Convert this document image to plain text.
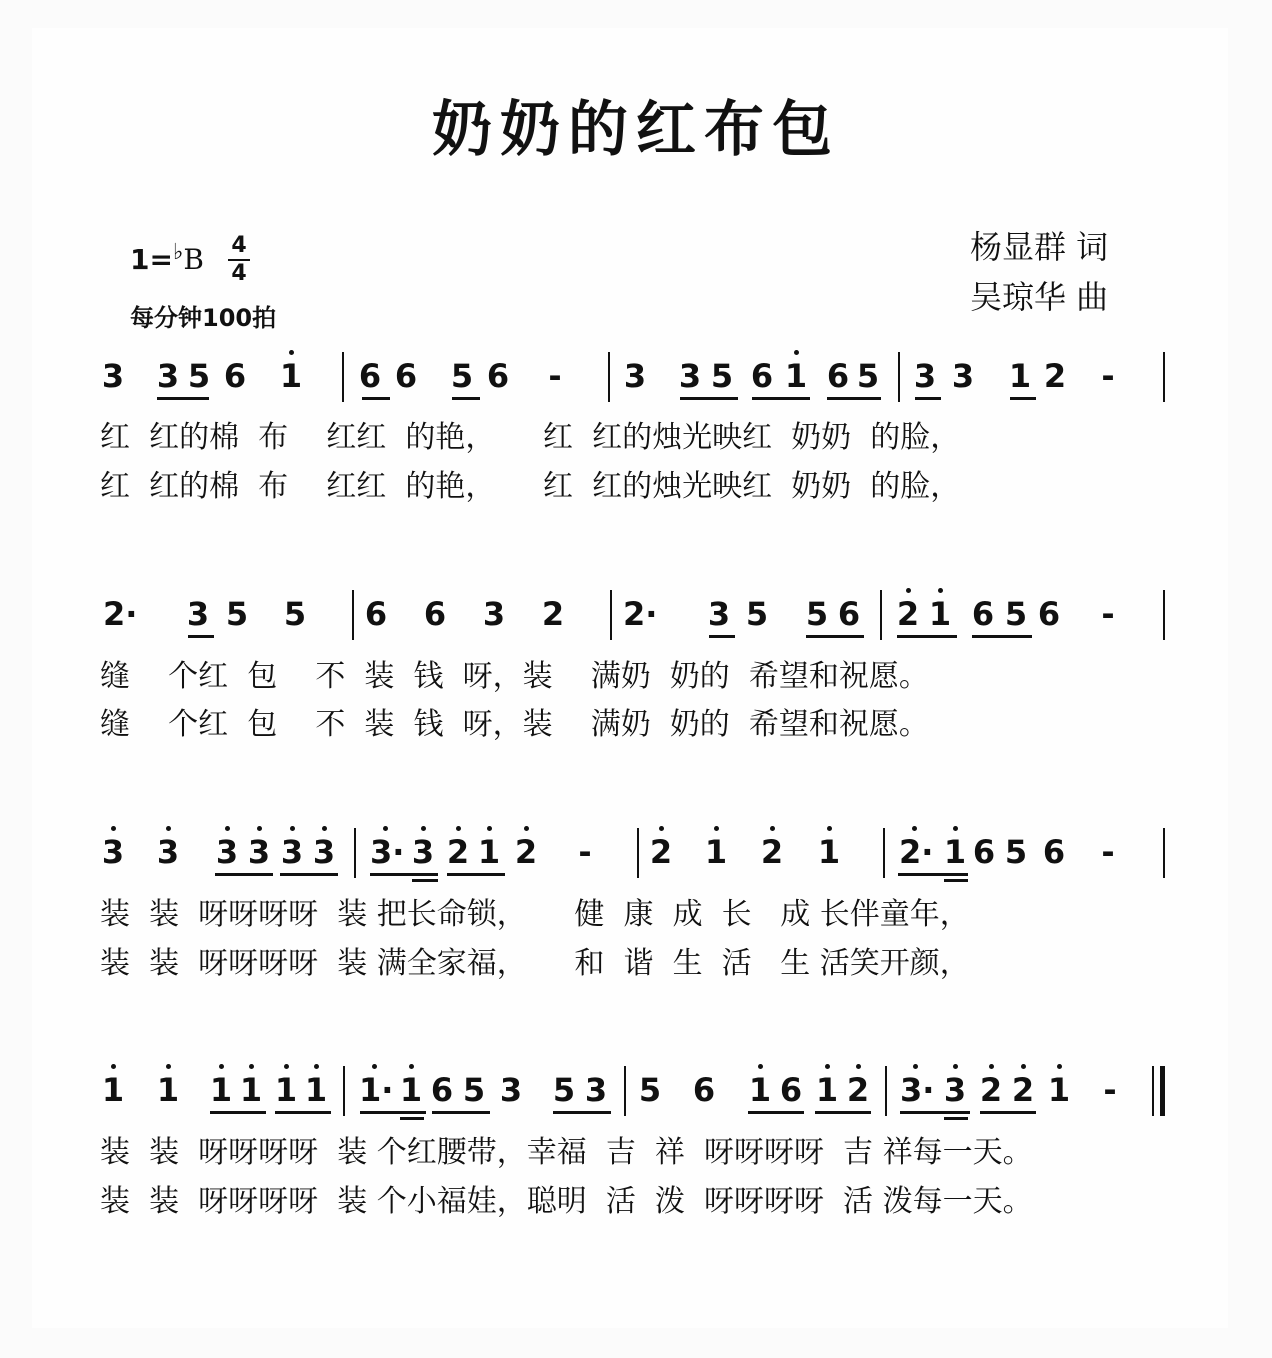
奶奶的红布包
1=♭B 4
4
每分钟100拍
杨显群 词
吴琼华 曲
3 3 5 6 1 6 6 5 6 - 3 3 5 6 1 6 5 3 3 1 2 -
红  红的棉  布    红红  的艳，     红  红的烛光映红  奶奶  的脸，
红  红的棉  布    红红  的艳，     红  红的烛光映红  奶奶  的脸，
2· 3 5 5 6 6 3 2 2· 3 5 5 6 2 1 6 5 6 -
缝    个红  包    不  装  钱  呀，装    满奶  奶的  希望和祝愿。
缝    个红  包    不  装  钱  呀，装    满奶  奶的  希望和祝愿。
3 3 3 3 3 3 3· 3 2 1 2 - 2 1 2 1 2· 1 6 5 6 -
装  装  呀呀呀呀  装 把长命锁，     健  康  成  长   成 长伴童年，
装  装  呀呀呀呀  装 满全家福，     和  谐  生  活   生 活笑开颜，
1 1 1 1 1 1 1· 1 6 5 3 5 3 5 6 1 6 1 2 3· 3 2 2 1 -
装  装  呀呀呀呀  装 个红腰带，幸福  吉  祥  呀呀呀呀  吉 祥每一天。
装  装  呀呀呀呀  装 个小福娃，聪明  活  泼  呀呀呀呀  活 泼每一天。
